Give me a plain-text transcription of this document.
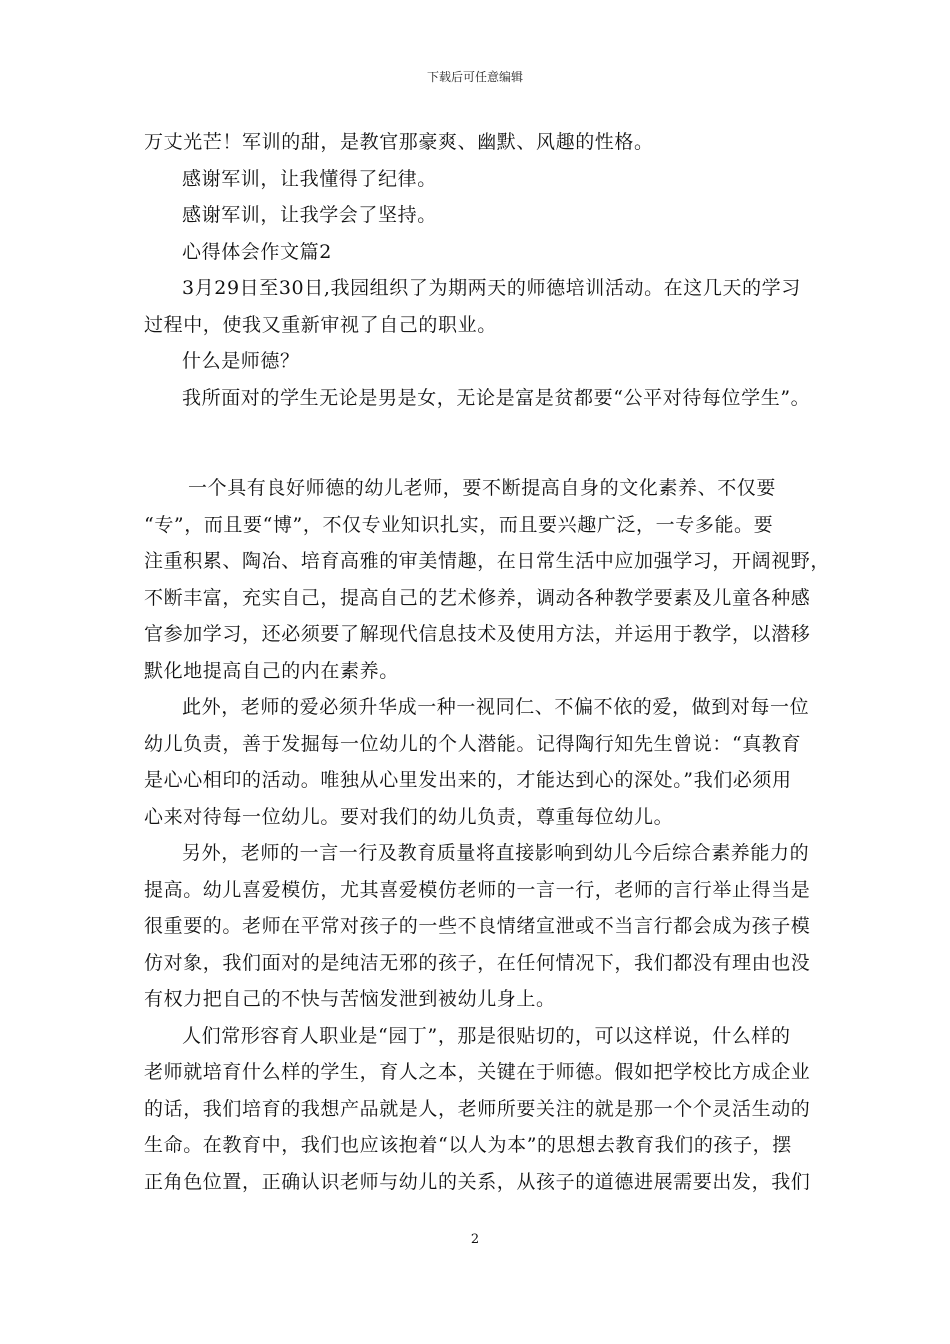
下载后可任意编辑
万丈光芒！军训的甜，是教官那豪爽、幽默、风趣的性格。
感谢军训，让我懂得了纪律。
感谢军训，让我学会了坚持。
心得体会作文篇2
3月29日至30日,我园组织了为期两天的师德培训活动。在这几天的学习
过程中，使我又重新审视了自己的职业。
什么是师德？
我所面对的学生无论是男是女，无论是富是贫都要“公平对待每位学生”。
一个具有良好师德的幼儿老师，要不断提高自身的文化素养、不仅要
“专”，而且要“博”，不仅专业知识扎实，而且要兴趣广泛，一专多能。要
注重积累、陶冶、培育高雅的审美情趣，在日常生活中应加强学习，开阔视野，
不断丰富，充实自己，提高自己的艺术修养，调动各种教学要素及儿童各种感
官参加学习，还必须要了解现代信息技术及使用方法，并运用于教学，以潜移
默化地提高自己的内在素养。
此外，老师的爱必须升华成一种一视同仁、不偏不依的爱，做到对每一位
幼儿负责，善于发掘每一位幼儿的个人潜能。记得陶行知先生曾说：“真教育
是心心相印的活动。唯独从心里发出来的，才能达到心的深处。”我们必须用
心来对待每一位幼儿。要对我们的幼儿负责，尊重每位幼儿。
另外，老师的一言一行及教育质量将直接影响到幼儿今后综合素养能力的
提高。幼儿喜爱模仿，尤其喜爱模仿老师的一言一行，老师的言行举止得当是
很重要的。老师在平常对孩子的一些不良情绪宣泄或不当言行都会成为孩子模
仿对象，我们面对的是纯洁无邪的孩子，在任何情况下，我们都没有理由也没
有权力把自己的不快与苦恼发泄到被幼儿身上。
人们常形容育人职业是“园丁”，那是很贴切的，可以这样说，什么样的
老师就培育什么样的学生，育人之本，关键在于师德。假如把学校比方成企业
的话，我们培育的我想产品就是人，老师所要关注的就是那一个个灵活生动的
生命。在教育中，我们也应该抱着“以人为本”的思想去教育我们的孩子，摆
正角色位置，正确认识老师与幼儿的关系，从孩子的道德进展需要出发，我们
2
